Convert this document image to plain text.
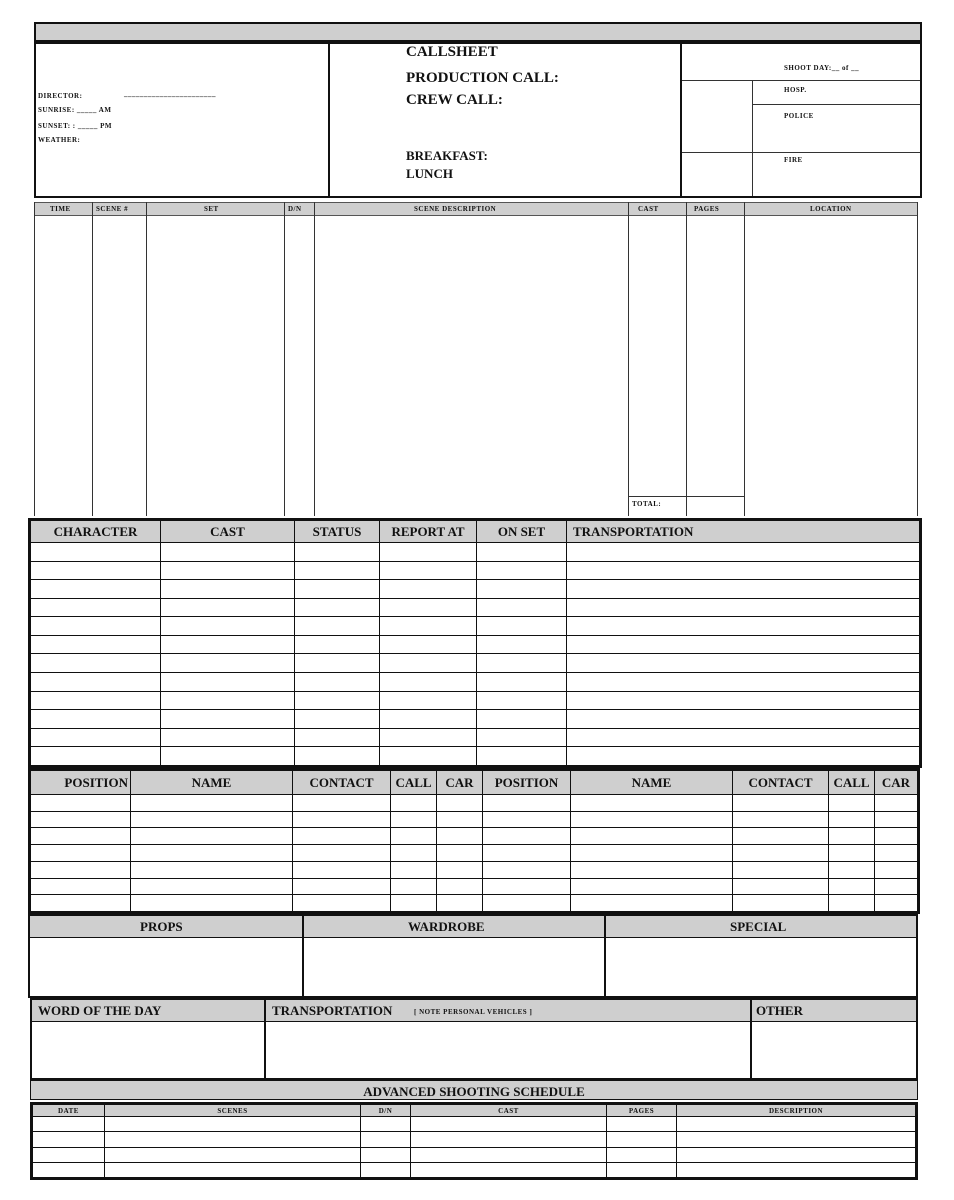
DIRECTOR:	_______________________
SUNRISE: _____ AM
SUNSET: : _____ PM
WEATHER:
CALLSHEET
PRODUCTION CALL:
CREW CALL:
BREAKFAST:
LUNCH
SHOOT DAY:__ of __
HOSP.
POLICE
FIRE
TIME	SCENE #	SET	D/N	SCENE DESCRIPTION	CAST	PAGES	LOCATION
TOTAL:
CHARACTER	CAST	STATUS	REPORT AT	ON SET	TRANSPORTATION

POSITION	NAME	CONTACT	CALL	CAR	POSITION	NAME	CONTACT	CALL	CAR

PROPS	WARDROBE	SPECIAL
WORD OF THE DAY	TRANSPORTATION	[ NOTE PERSONAL VEHICLES ]	OTHER
ADVANCED SHOOTING SCHEDULE
DATE	SCENES	D/N	CAST	PAGES	DESCRIPTION
